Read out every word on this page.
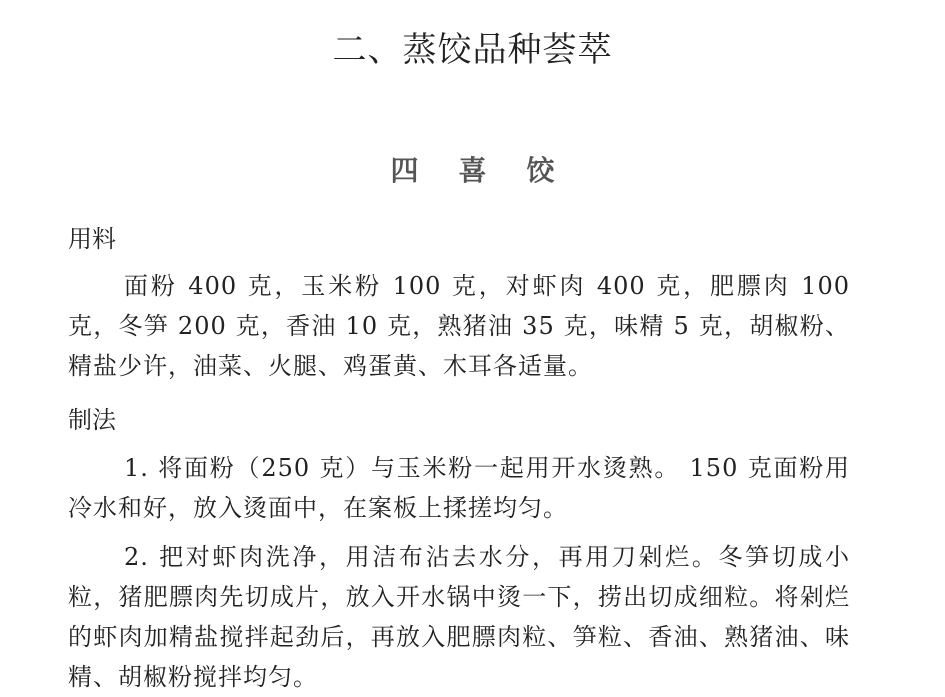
二、蒸饺品种荟萃
四喜饺
用料
面粉 400 克，玉米粉 100 克，对虾肉 400 克，肥膘肉 100 克，冬笋 200 克，香油 10 克，熟猪油 35 克，味精 5 克，胡椒粉、精盐少许，油菜、火腿、鸡蛋黄、木耳各适量。
制法
1. 将面粉（250 克）与玉米粉一起用开水烫熟。 150 克面粉用冷水和好，放入烫面中，在案板上揉搓均匀。
2. 把对虾肉洗净，用洁布沾去水分，再用刀剁烂。冬笋切成小粒，猪肥膘肉先切成片，放入开水锅中烫一下，捞出切成细粒。将剁烂的虾肉加精盐搅拌起劲后，再放入肥膘肉粒、笋粒、香油、熟猪油、味精、胡椒粉搅拌均匀。
